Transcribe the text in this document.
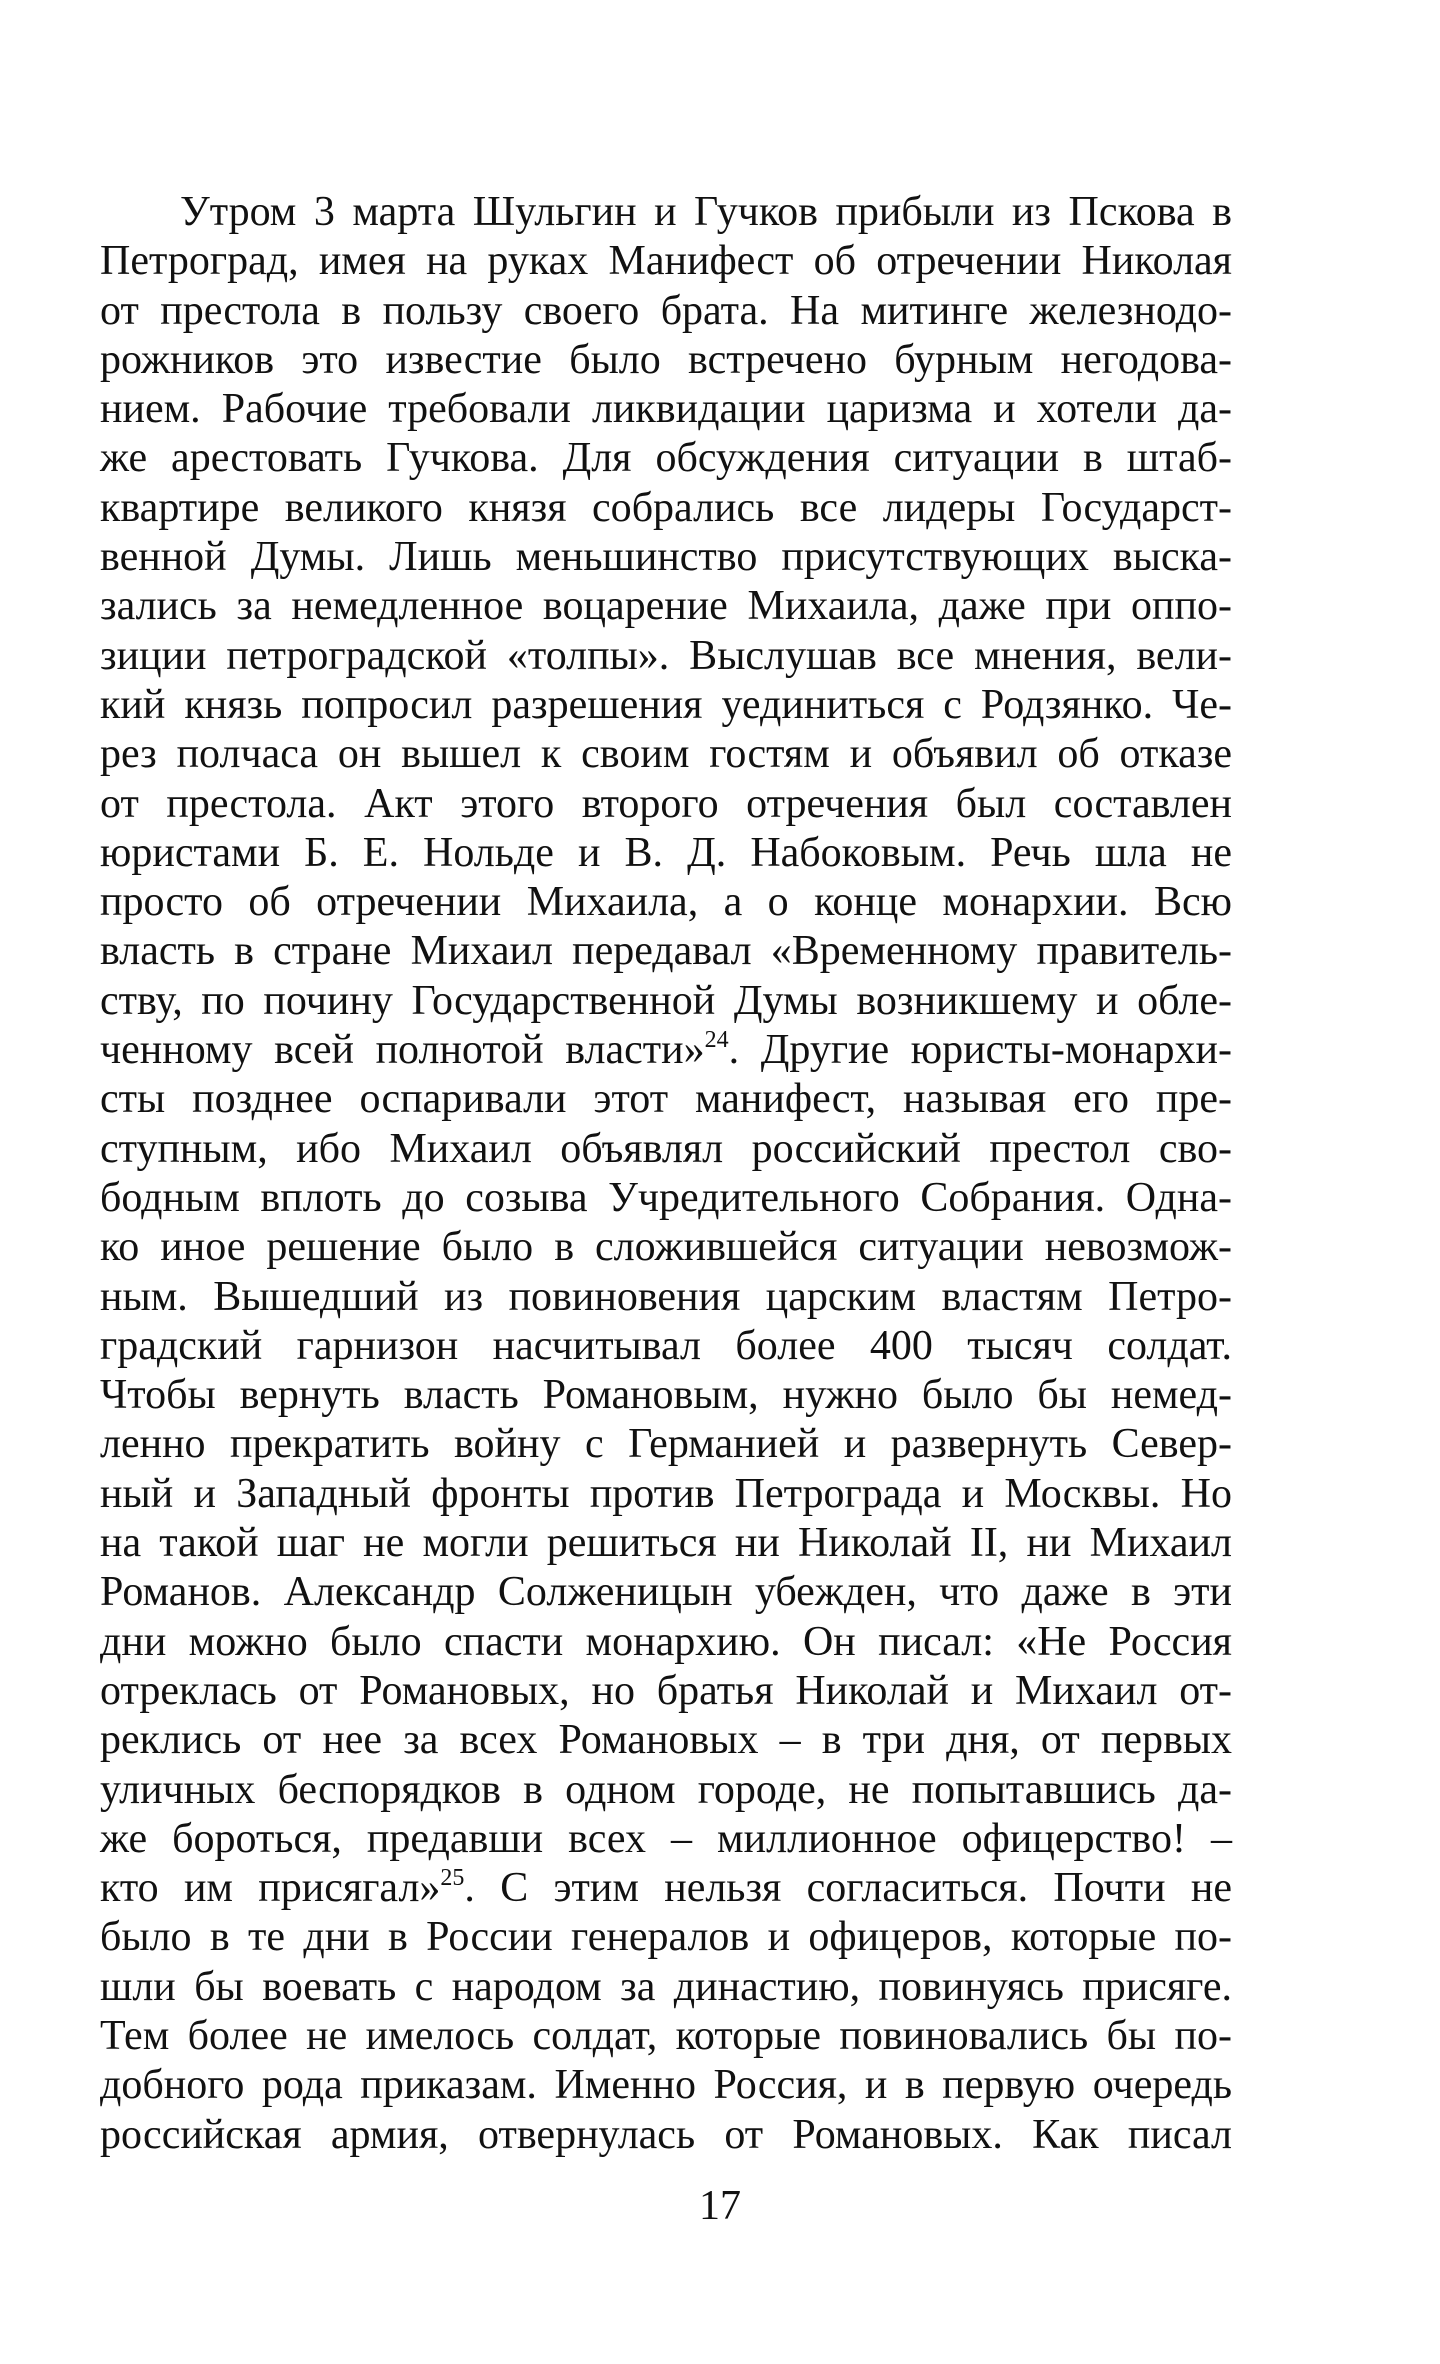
Утром 3 марта Шульгин и Гучков прибыли из Пскова в
Петроград, имея на руках Манифест об отречении Николая
от престола в пользу своего брата. На митинге железнодо-
рожников это известие было встречено бурным негодова-
нием. Рабочие требовали ликвидации царизма и хотели да-
же арестовать Гучкова. Для обсуждения ситуации в штаб-
квартире великого князя собрались все лидеры Государст-
венной Думы. Лишь меньшинство присутствующих выска-
зались за немедленное воцарение Михаила, даже при оппо-
зиции петроградской «толпы». Выслушав все мнения, вели-
кий князь попросил разрешения уединиться с Родзянко. Че-
рез полчаса он вышел к своим гостям и объявил об отказе
от престола. Акт этого второго отречения был составлен
юристами Б. Е. Нольде и В. Д. Набоковым. Речь шла не
просто об отречении Михаила, а о конце монархии. Всю
власть в стране Михаил передавал «Временному правитель-
ству, по почину Государственной Думы возникшему и обле-
ченному всей полнотой власти»$^{24}$. Другие юристы-монархи-
сты позднее оспаривали этот манифест, называя его пре-
ступным, ибо Михаил объявлял российский престол сво-
бодным вплоть до созыва Учредительного Собрания. Одна-
ко иное решение было в сложившейся ситуации невозмож-
ным. Вышедший из повиновения царским властям Петро-
градский гарнизон насчитывал более 400 тысяч солдат.
Чтобы вернуть власть Романовым, нужно было бы немед-
ленно прекратить войну с Германией и развернуть Север-
ный и Западный фронты против Петрограда и Москвы. Но
на такой шаг не могли решиться ни Николай II, ни Михаил
Романов. Александр Солженицын убежден, что даже в эти
дни можно было спасти монархию. Он писал: «Не Россия
отреклась от Романовых, но братья Николай и Михаил от-
реклись от нее за всех Романовых – в три дня, от первых
уличных беспорядков в одном городе, не попытавшись да-
же бороться, предавши всех – миллионное офицерство! –
кто им присягал»$^{25}$. С этим нельзя согласиться. Почти не
было в те дни в России генералов и офицеров, которые по-
шли бы воевать с народом за династию, повинуясь присяге.
Тем более не имелось солдат, которые повиновались бы по-
добного рода приказам. Именно Россия, и в первую очередь
российская армия, отвернулась от Романовых. Как писал
17
